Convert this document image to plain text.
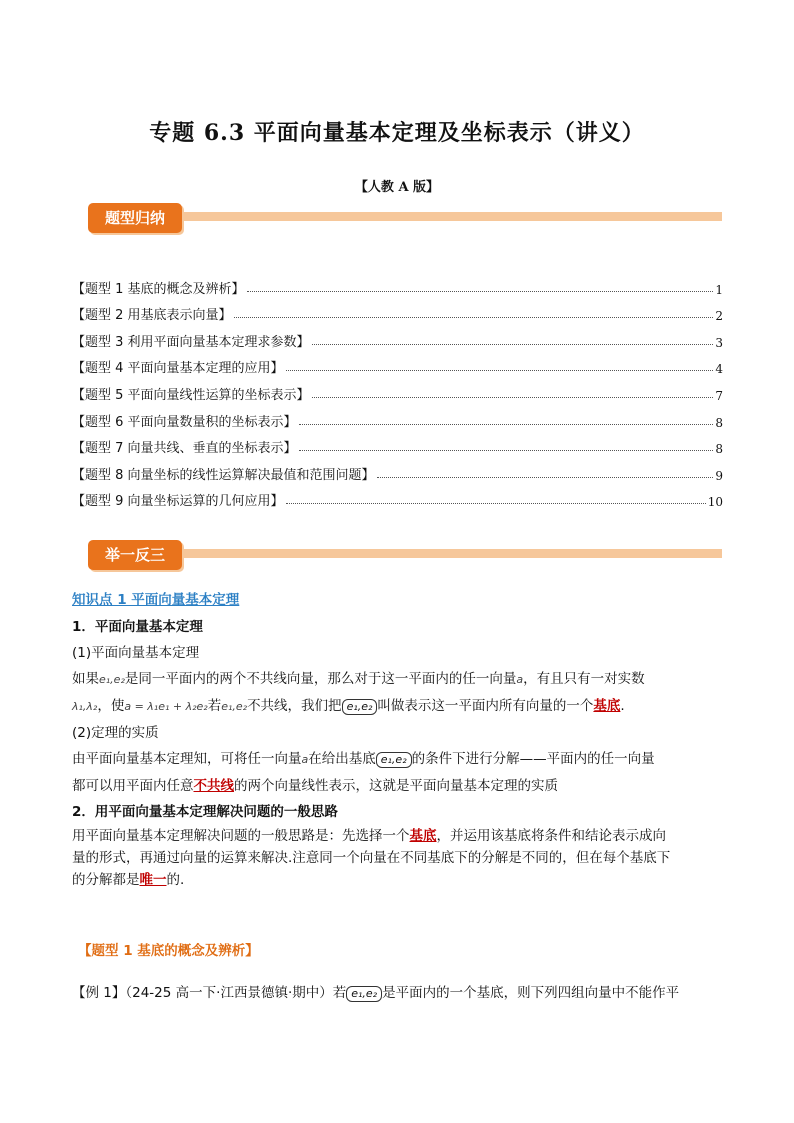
专题 6.3 平面向量基本定理及坐标表示（讲义）
【人教 A 版】
题型归纳
【题型 1 基底的概念及辨析】	1
【题型 2 用基底表示向量】	2
【题型 3 利用平面向量基本定理求参数】	3
【题型 4 平面向量基本定理的应用】	4
【题型 5 平面向量线性运算的坐标表示】	7
【题型 6 平面向量数量积的坐标表示】	8
【题型 7 向量共线、垂直的坐标表示】	8
【题型 8 向量坐标的线性运算解决最值和范围问题】	9
【题型 9 向量坐标运算的几何应用】	10
举一反三
知识点 1 平面向量基本定理

1．平面向量基本定理

(1)平面向量基本定理

如果e₁,e₂是同一平面内的两个不共线向量，那么对于这一平面内的任一向量a，有且只有一对实数

λ₁,λ₂，使a = λ₁e₁ + λ₂e₂若e₁,e₂不共线，我们把 e₁,e₂ 叫做表示这一平面内所有向量的一个基底.

(2)定理的实质

由平面向量基本定理知，可将任一向量a在给出基底 e₁,e₂ 的条件下进行分解——平面内的任一向量

都可以用平面内任意不共线的两个向量线性表示，这就是平面向量基本定理的实质

2．用平面向量基本定理解决问题的一般思路

用平面向量基本定理解决问题的一般思路是：先选择一个基底，并运用该基底将条件和结论表示成向

量的形式，再通过向量的运算来解决.注意同一个向量在不同基底下的分解是不同的，但在每个基底下

的分解都是唯一的.

【题型 1 基底的概念及辨析】
【例 1】（24-25 高一下·江西景德镇·期中）若 e₁,e₂ 是平面内的一个基底，则下列四组向量中不能作平
